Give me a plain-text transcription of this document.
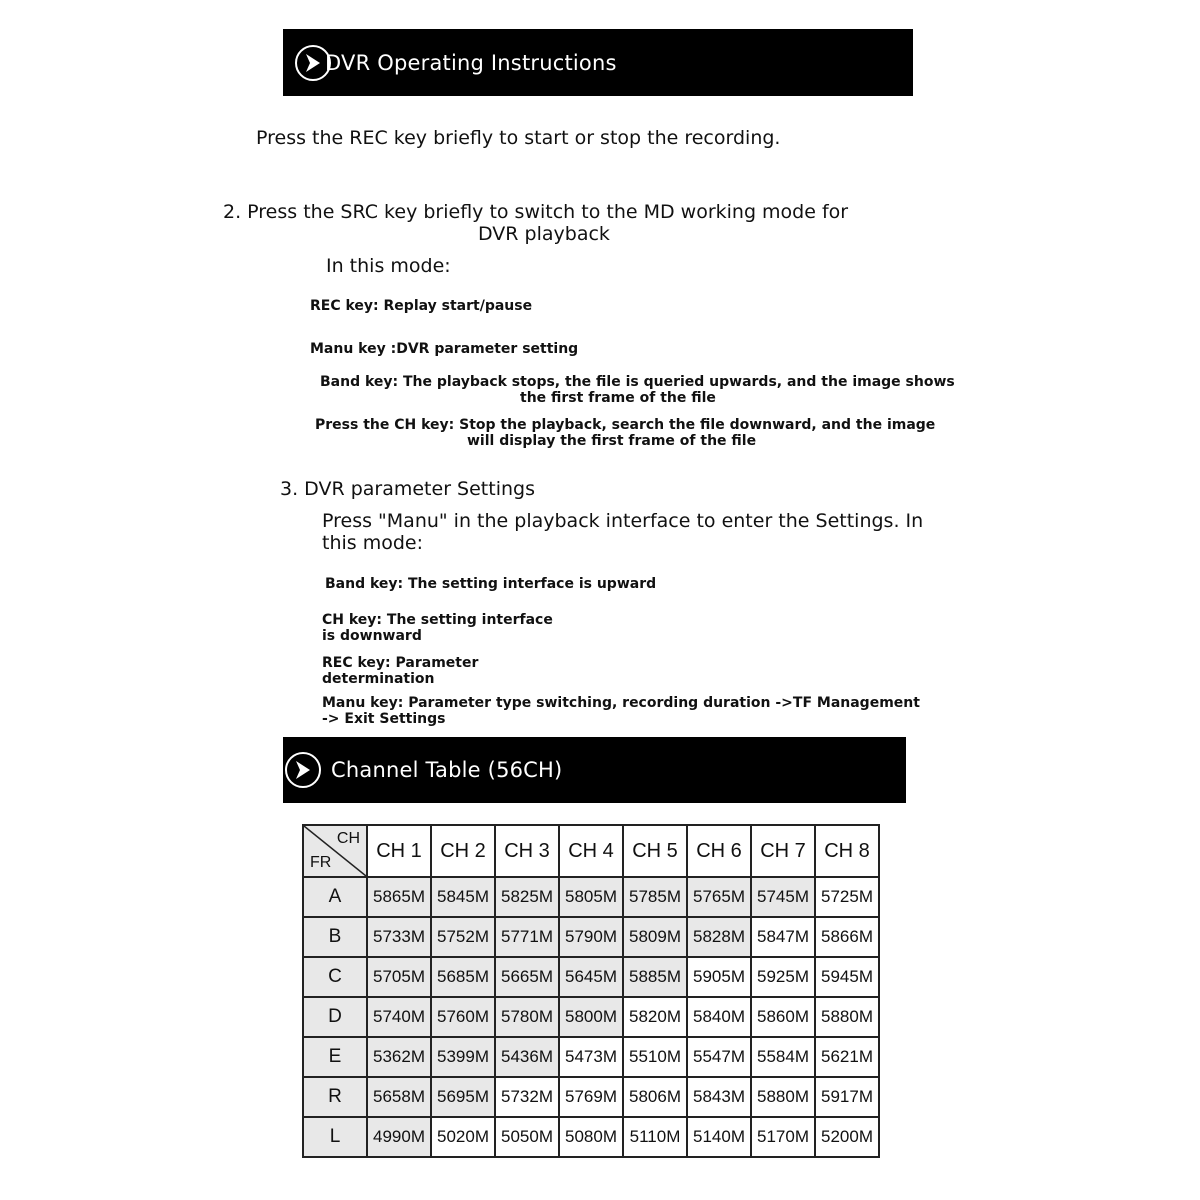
DVR Operating Instructions
Press the REC key briefly to start or stop the recording.
2. Press the SRC key briefly to switch to the MD working mode for
DVR playback
In this mode:
REC key: Replay start/pause
Manu key :DVR parameter setting
Band key: The playback stops, the file is queried upwards, and the image shows
the first frame of the file
Press the CH key: Stop the playback, search the file downward, and the image
will display the first frame of the file
3. DVR parameter Settings
Press "Manu" in the playback interface to enter the Settings. In
this mode:
Band key: The setting interface is upward
CH key: The setting interface
is downward
REC key: Parameter
determination
Manu key: Parameter type switching, recording duration ->TF Management
-> Exit Settings
Channel Table (56CH)
CH
FR	CH 1	CH 2	CH 3	CH 4	CH 5	CH 6	CH 7	CH 8
A	5865M	5845M	5825M	5805M	5785M	5765M	5745M	5725M
B	5733M	5752M	5771M	5790M	5809M	5828M	5847M	5866M
C	5705M	5685M	5665M	5645M	5885M	5905M	5925M	5945M
D	5740M	5760M	5780M	5800M	5820M	5840M	5860M	5880M
E	5362M	5399M	5436M	5473M	5510M	5547M	5584M	5621M
R	5658M	5695M	5732M	5769M	5806M	5843M	5880M	5917M
L	4990M	5020M	5050M	5080M	5110M	5140M	5170M	5200M
